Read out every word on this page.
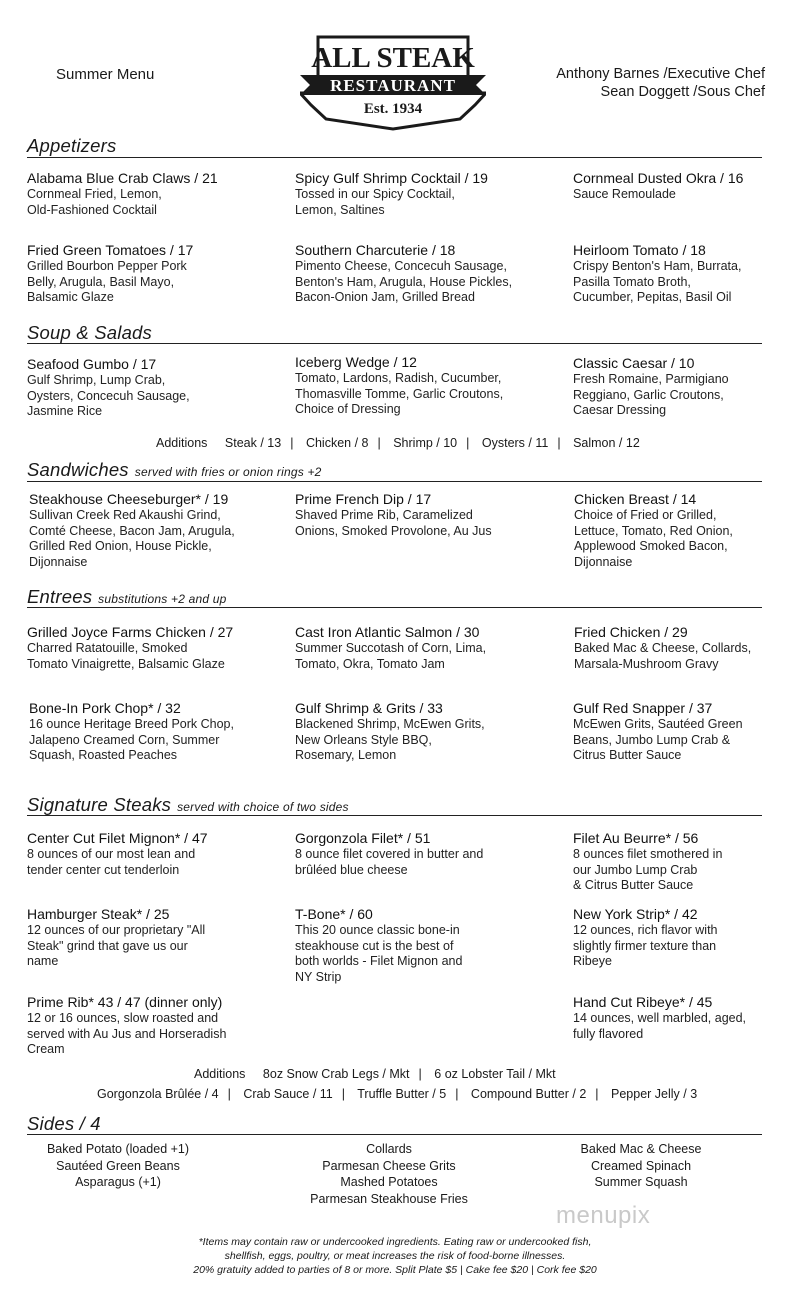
Summer Menu	Anthony Barnes /Executive Chef
Sean Doggett /Sous Chef
ALL STEAK
RESTAURANT
Est. 1934
Appetizers
Alabama Blue Crab Claws / 21
Cornmeal Fried, Lemon,
Old-Fashioned Cocktail
Spicy Gulf Shrimp Cocktail / 19
Tossed in our Spicy Cocktail,
Lemon, Saltines
Cornmeal Dusted Okra / 16
Sauce Remoulade
Fried Green Tomatoes / 17
Grilled Bourbon Pepper Pork
Belly, Arugula, Basil Mayo,
Balsamic Glaze
Southern Charcuterie / 18
Pimento Cheese, Concecuh Sausage,
Benton's Ham, Arugula, House Pickles,
Bacon-Onion Jam, Grilled Bread
Heirloom Tomato / 18
Crispy Benton's Ham, Burrata,
Pasilla Tomato Broth,
Cucumber, Pepitas, Basil Oil
Soup & Salads
Seafood Gumbo / 17
Gulf Shrimp, Lump Crab,
Oysters, Concecuh Sausage,
Jasmine Rice
Iceberg Wedge / 12
Tomato, Lardons, Radish, Cucumber,
Thomasville Tomme, Garlic Croutons,
Choice of Dressing
Classic Caesar / 10
Fresh Romaine, Parmigiano
Reggiano, Garlic Croutons,
Caesar Dressing
Additions Steak / 13 | Chicken / 8 | Shrimp / 10 | Oysters / 11 | Salmon / 12
Sandwiches served with fries or onion rings +2
Steakhouse Cheeseburger* / 19
Sullivan Creek Red Akaushi Grind,
Comté Cheese, Bacon Jam, Arugula,
Grilled Red Onion, House Pickle,
Dijonnaise
Prime French Dip / 17
Shaved Prime Rib, Caramelized
Onions, Smoked Provolone, Au Jus
Chicken Breast / 14
Choice of Fried or Grilled,
Lettuce, Tomato, Red Onion,
Applewood Smoked Bacon,
Dijonnaise
Entrees substitutions +2 and up
Grilled Joyce Farms Chicken / 27
Charred Ratatouille, Smoked
Tomato Vinaigrette, Balsamic Glaze
Cast Iron Atlantic Salmon / 30
Summer Succotash of Corn, Lima,
Tomato, Okra, Tomato Jam
Fried Chicken / 29
Baked Mac & Cheese, Collards,
Marsala-Mushroom Gravy
Bone-In Pork Chop* / 32
16 ounce Heritage Breed Pork Chop,
Jalapeno Creamed Corn, Summer
Squash, Roasted Peaches
Gulf Shrimp & Grits / 33
Blackened Shrimp, McEwen Grits,
New Orleans Style BBQ,
Rosemary, Lemon
Gulf Red Snapper / 37
McEwen Grits, Sautéed Green
Beans, Jumbo Lump Crab &
Citrus Butter Sauce
Signature Steaks served with choice of two sides
Center Cut Filet Mignon* / 47
8 ounces of our most lean and
tender center cut tenderloin
Gorgonzola Filet* / 51
8 ounce filet covered in butter and
brûléed blue cheese
Filet Au Beurre* / 56
8 ounces filet smothered in
our Jumbo Lump Crab
& Citrus Butter Sauce
Hamburger Steak* / 25
12 ounces of our proprietary "All
Steak" grind that gave us our
name
T-Bone* / 60
This 20 ounce classic bone-in
steakhouse cut is the best of
both worlds - Filet Mignon and
NY Strip
New York Strip* / 42
12 ounces, rich flavor with
slightly firmer texture than
Ribeye
Prime Rib* 43 / 47 (dinner only)
12 or 16 ounces, slow roasted and
served with Au Jus and Horseradish
Cream
Hand Cut Ribeye* / 45
14 ounces, well marbled, aged,
fully flavored
Additions 8oz Snow Crab Legs / Mkt | 6 oz Lobster Tail / Mkt
Gorgonzola Brûlée / 4 | Crab Sauce / 11 | Truffle Butter / 5 | Compound Butter / 2 | Pepper Jelly / 3
Sides / 4
Baked Potato (loaded +1)
Sautéed Green Beans
Asparagus (+1)
Collards
Parmesan Cheese Grits
Mashed Potatoes
Parmesan Steakhouse Fries
Baked Mac & Cheese
Creamed Spinach
Summer Squash
menupix
*Items may contain raw or undercooked ingredients. Eating raw or undercooked fish,
shellfish, eggs, poultry, or meat increases the risk of food-borne illnesses.
20% gratuity added to parties of 8 or more. Split Plate $5 | Cake fee $20 | Cork fee $20
